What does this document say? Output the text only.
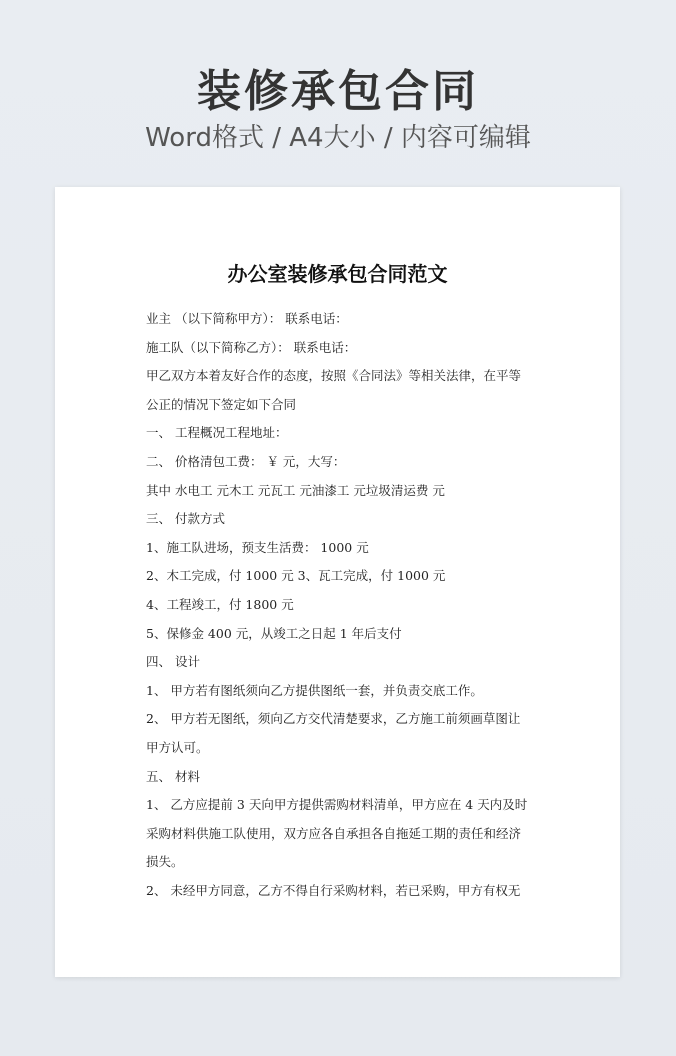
装修承包合同
Word格式 / A4大小 / 内容可编辑
办公室装修承包合同范文
业主 （以下简称甲方）： 联系电话：
施工队（以下简称乙方）： 联系电话：
甲乙双方本着友好合作的态度，按照《合同法》等相关法律，在平等
公正的情况下签定如下合同
一、 工程概况工程地址：
二、 价格清包工费： ￥ 元，大写：
其中 水电工 元木工 元瓦工 元油漆工 元垃圾清运费 元
三、 付款方式
1、施工队进场，预支生活费： 1000 元
2、木工完成，付 1000 元 3、瓦工完成，付 1000 元
4、工程竣工，付 1800 元
5、保修金 400 元，从竣工之日起 1 年后支付
四、 设计
1、 甲方若有图纸须向乙方提供图纸一套，并负责交底工作。
2、 甲方若无图纸，须向乙方交代清楚要求，乙方施工前须画草图让
甲方认可。
五、 材料
1、 乙方应提前 3 天向甲方提供需购材料清单，甲方应在 4 天内及时
采购材料供施工队使用，双方应各自承担各自拖延工期的责任和经济
损失。
2、 未经甲方同意，乙方不得自行采购材料，若已采购，甲方有权无
